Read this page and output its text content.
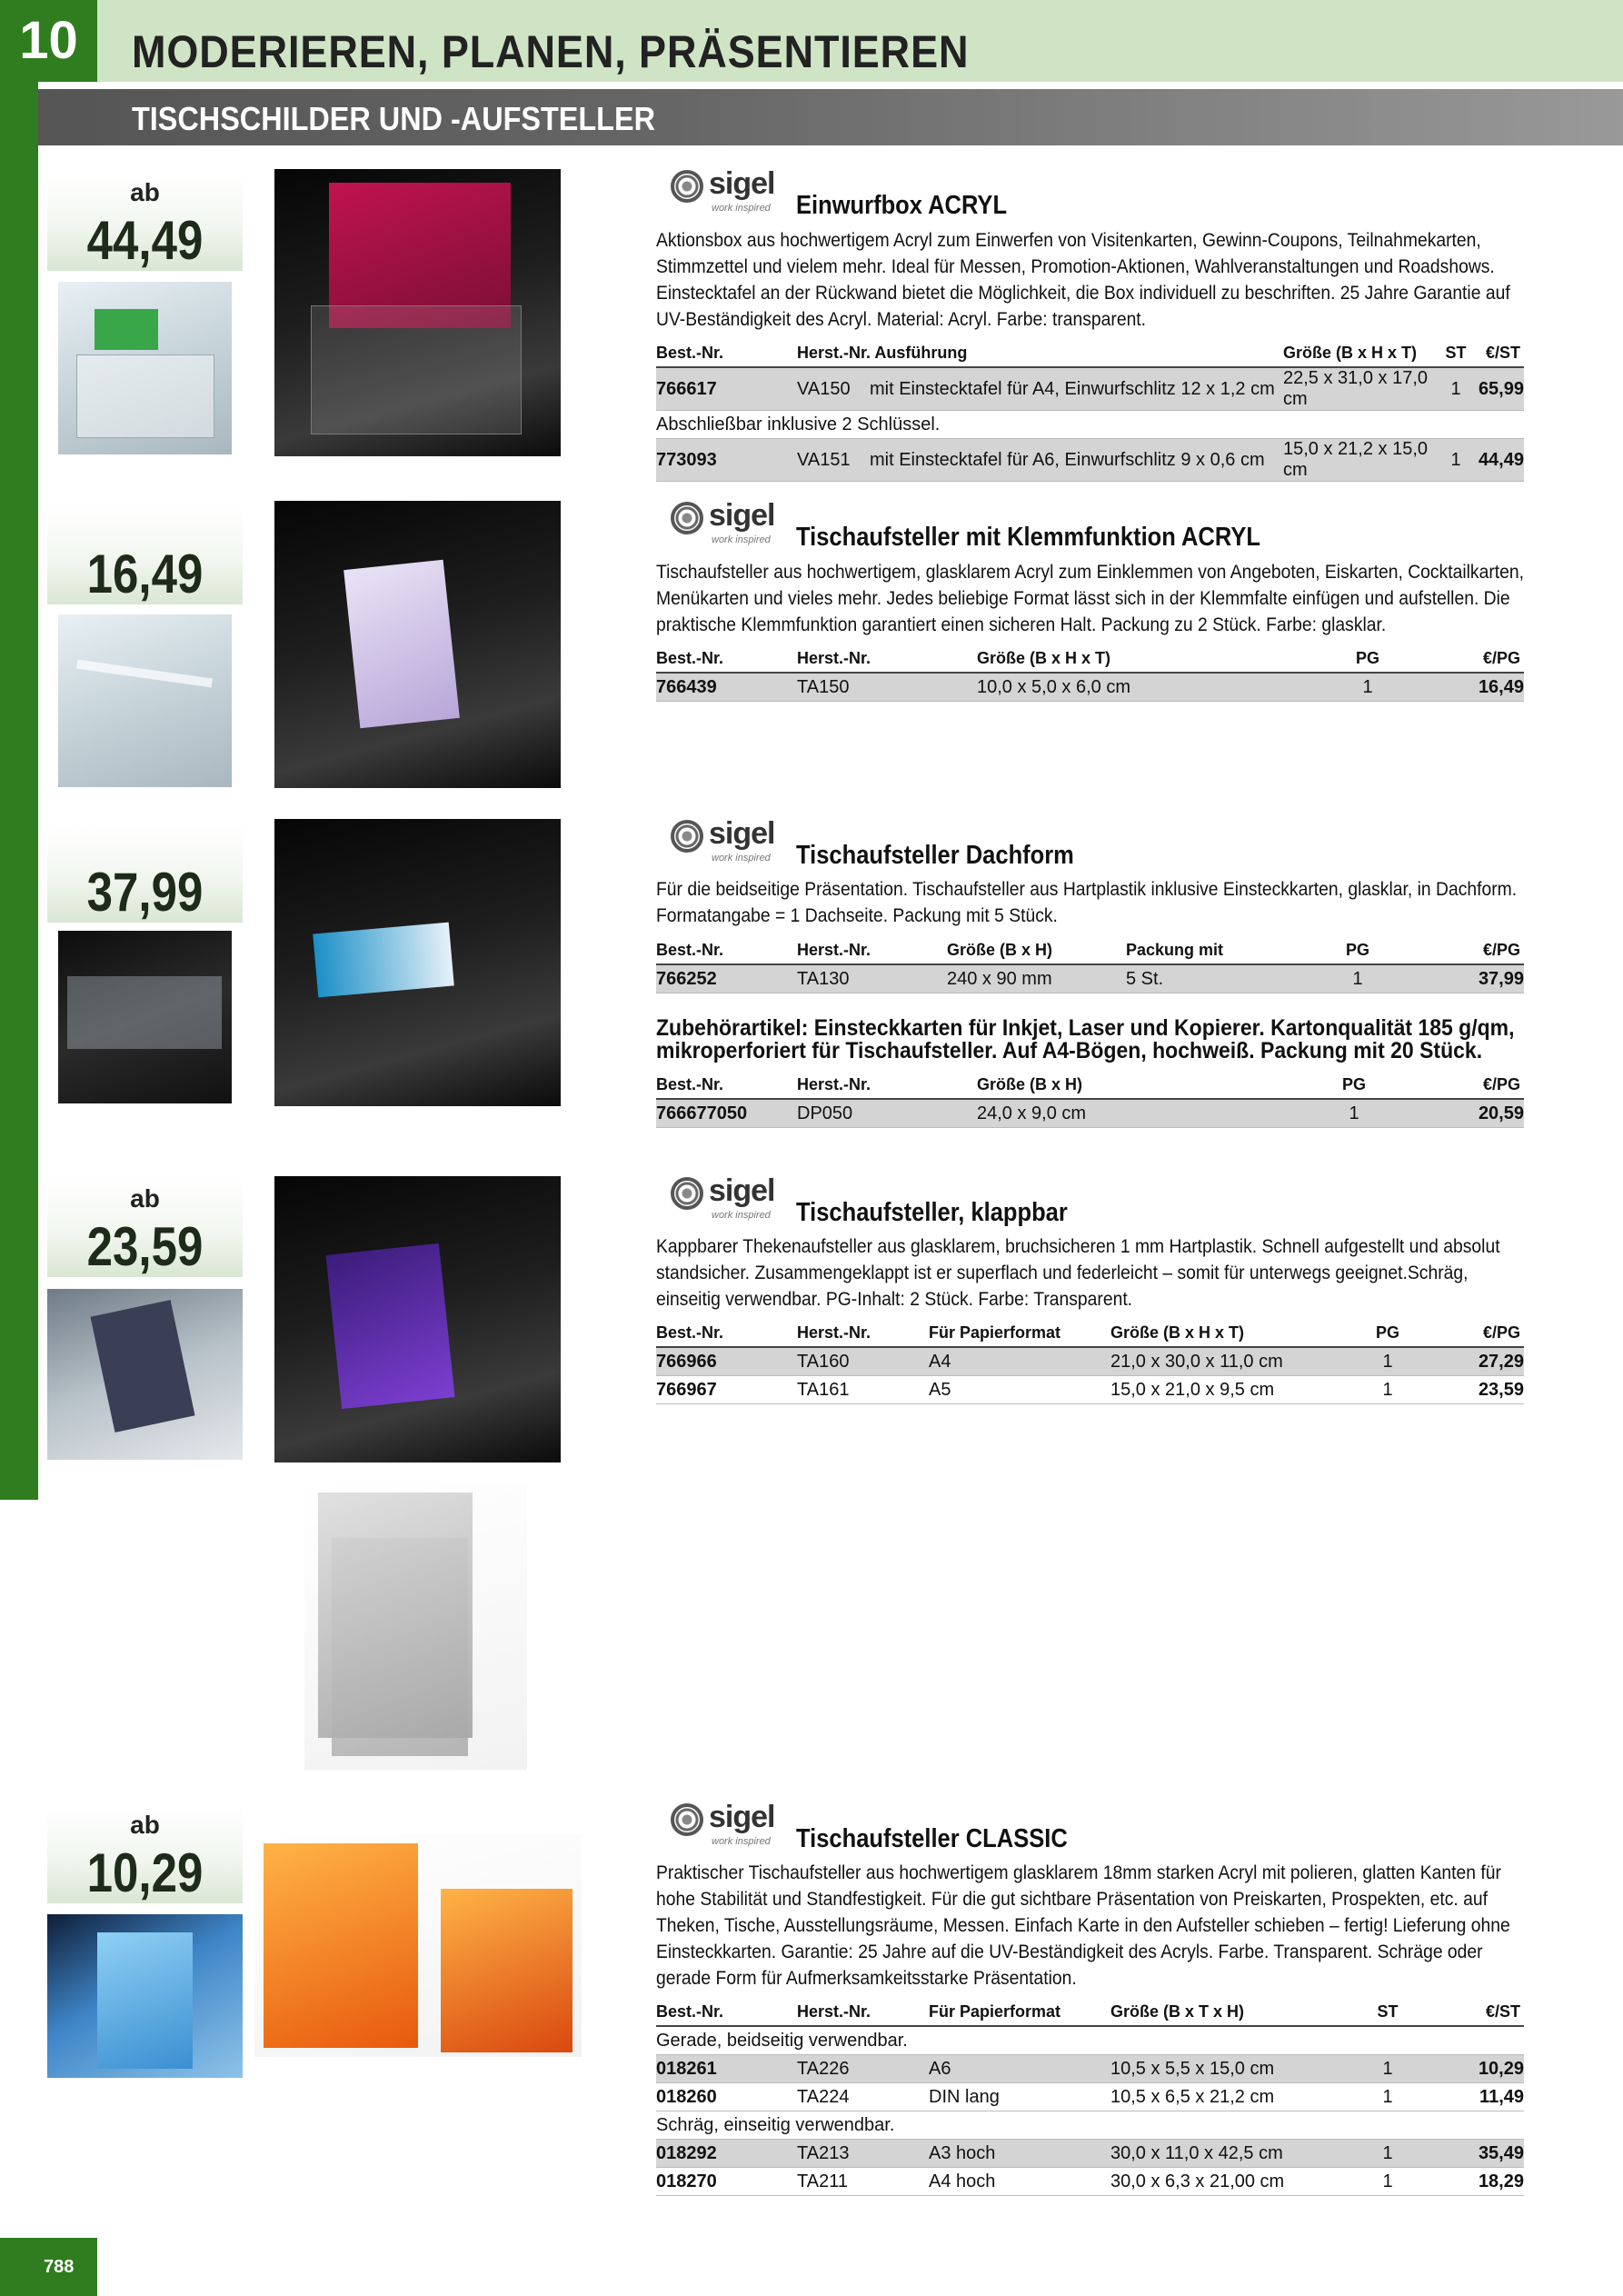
10	MODERIEREN, PLANEN, PRÄSENTIEREN
TISCHSCHILDER UND -AUFSTELLER
ab
44,49
sigel
work inspired Einwurfbox ACRYL
Aktionsbox aus hochwertigem Acryl zum Einwerfen von Visitenkarten, Gewinn-Coupons, Teilnahmekarten, Stimmzettel und vielem mehr. Ideal für Messen, Promotion-Aktionen, Wahlveranstaltungen und Roadshows. Einstecktafel an der Rückwand bietet die Möglichkeit, die Box individuell zu beschriften. 25 Jahre Garantie auf UV-Beständigkeit des Acryl. Material: Acryl. Farbe: transparent.
Best.-Nr.	Herst.-Nr. Ausführung		Größe (B x H x T)	ST	€/ST
766617	VA150	mit Einstecktafel für A4, Einwurfschlitz 12 x 1,2 cm	22,5 x 31,0 x 17,0 cm	1	65,99
Abschließbar inklusive 2 Schlüssel.					
773093	VA151	mit Einstecktafel für A6, Einwurfschlitz 9 x 0,6 cm	15,0 x 21,2 x 15,0 cm	1	44,49
16,49
sigel
work inspired Tischaufsteller mit Klemmfunktion ACRYL
Tischaufsteller aus hochwertigem, glasklarem Acryl zum Einklemmen von Angeboten, Eiskarten, Cocktailkarten, Menükarten und vieles mehr. Jedes beliebige Format lässt sich in der Klemmfalte einfügen und aufstellen. Die praktische Klemmfunktion garantiert einen sicheren Halt. Packung zu 2 Stück. Farbe: glasklar.
Best.-Nr.	Herst.-Nr.	Größe (B x H x T)	PG	€/PG
766439	TA150	10,0 x 5,0 x 6,0 cm	1	16,49
37,99
sigel
work inspired Tischaufsteller Dachform
Für die beidseitige Präsentation. Tischaufsteller aus Hartplastik inklusive Einsteckkarten, glasklar, in Dachform. Formatangabe = 1 Dachseite. Packung mit 5 Stück.
Best.-Nr.	Herst.-Nr.	Größe (B x H)	Packung mit	PG	€/PG
766252	TA130	240 x 90 mm	5 St.	1	37,99
Zubehörartikel: Einsteckkarten für Inkjet, Laser und Kopierer. Kartonqualität 185 g/qm, mikroperforiert für Tischaufsteller. Auf A4-Bögen, hochweiß. Packung mit 20 Stück.
Best.-Nr.	Herst.-Nr.	Größe (B x H)	PG	€/PG
766677050	DP050	24,0 x 9,0 cm	1	20,59
ab
23,59
sigel
work inspired Tischaufsteller, klappbar
Kappbarer Thekenaufsteller aus glasklarem, bruchsicheren 1 mm Hartplastik. Schnell aufgestellt und absolut standsicher. Zusammengeklappt ist er superflach und federleicht – somit für unterwegs geeignet.Schräg, einseitig verwendbar. PG-Inhalt: 2 Stück. Farbe: Transparent.
Best.-Nr.	Herst.-Nr.	Für Papierformat	Größe (B x H x T)	PG	€/PG
766966	TA160	A4	21,0 x 30,0 x 11,0 cm	1	27,29
766967	TA161	A5	15,0 x 21,0 x 9,5 cm	1	23,59
ab
10,29
sigel
work inspired Tischaufsteller CLASSIC
Praktischer Tischaufsteller aus hochwertigem glasklarem 18mm starken Acryl mit polieren, glatten Kanten für hohe Stabilität und Standfestigkeit. Für die gut sichtbare Präsentation von Preiskarten, Prospekten, etc. auf Theken, Tische, Ausstellungsräume, Messen. Einfach Karte in den Aufsteller schieben – fertig! Lieferung ohne Einsteckkarten. Garantie: 25 Jahre auf die UV-Beständigkeit des Acryls. Farbe. Transparent. Schräge oder gerade Form für Aufmerksamkeitsstarke Präsentation.
Best.-Nr.	Herst.-Nr.	Für Papierformat	Größe (B x T x H)	ST	€/ST
Gerade, beidseitig verwendbar.					
018261	TA226	A6	10,5 x 5,5 x 15,0 cm	1	10,29
018260	TA224	DIN lang	10,5 x 6,5 x 21,2 cm	1	11,49
Schräg, einseitig verwendbar.					
018292	TA213	A3 hoch	30,0 x 11,0 x 42,5 cm	1	35,49
018270	TA211	A4 hoch	30,0 x 6,3 x 21,00 cm	1	18,29
788
